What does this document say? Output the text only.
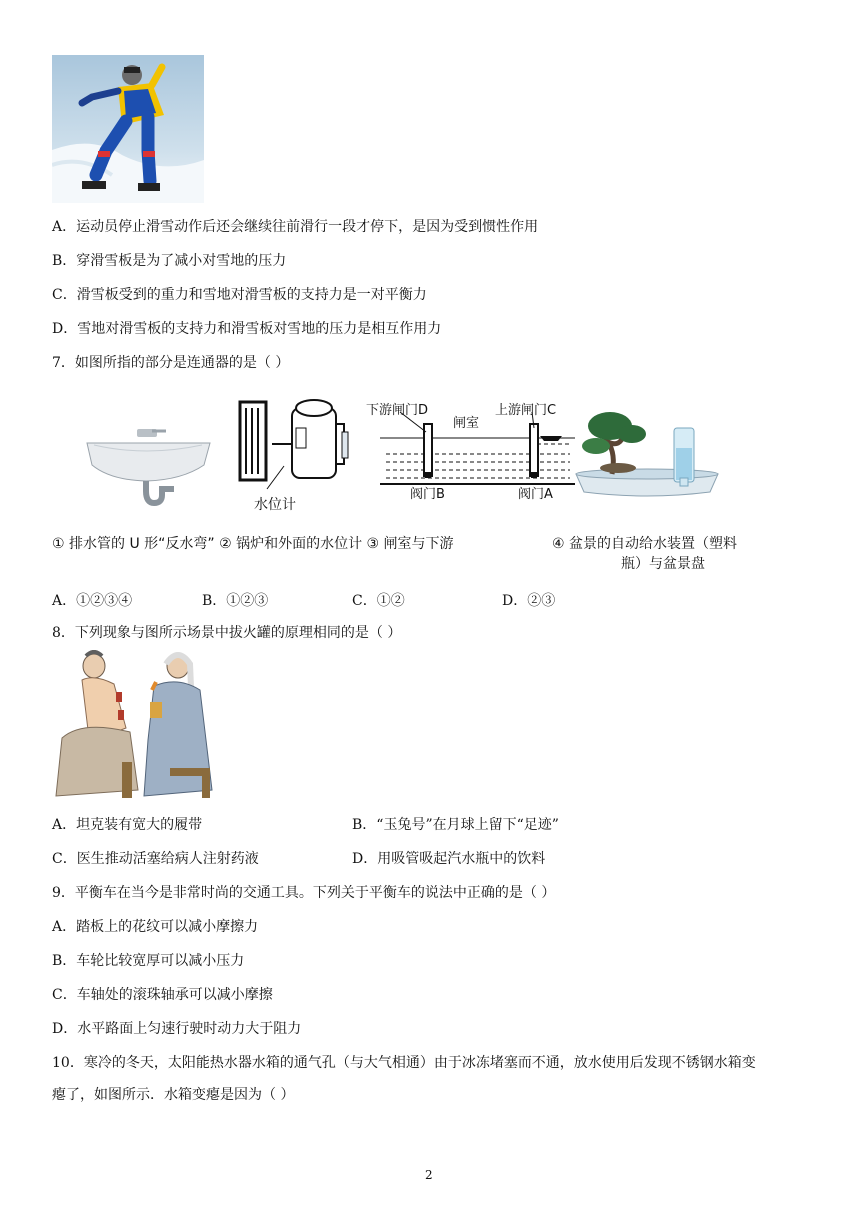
A．运动员停止滑雪动作后还会继续往前滑行一段才停下，是因为受到惯性作用
B．穿滑雪板是为了减小对雪地的压力
C．滑雪板受到的重力和雪地对滑雪板的支持力是一对平衡力
D．雪地对滑雪板的支持力和滑雪板对雪地的压力是相互作用力
7．如图所指的部分是连通器的是（ ）
水位计
下游闸门D
闸室
上游闸门C
阀门B	阀门A
① 排水管的 U 形“反水弯” ② 锅炉和外面的水位计 ③ 闸室与下游	④ 盆景的自动给水装置（塑料
瓶）与盆景盘
A．①②③④	B．①②③	C．①②	D．②③
8．下列现象与图所示场景中拔火罐的原理相同的是（ ）
A．坦克装有宽大的履带	B．“玉兔号”在月球上留下“足迹”
C．医生推动活塞给病人注射药液	D．用吸管吸起汽水瓶中的饮料
9．平衡车在当今是非常时尚的交通工具。下列关于平衡车的说法中正确的是（ ）
A．踏板上的花纹可以减小摩擦力
B．车轮比较宽厚可以减小压力
C．车轴处的滚珠轴承可以减小摩擦
D．水平路面上匀速行驶时动力大于阻力
10．寒冷的冬天，太阳能热水器水箱的通气孔（与大气相通）由于冰冻堵塞而不通，放水使用后发现不锈钢水箱变
瘪了，如图所示．水箱变瘪是因为（ ）
2
